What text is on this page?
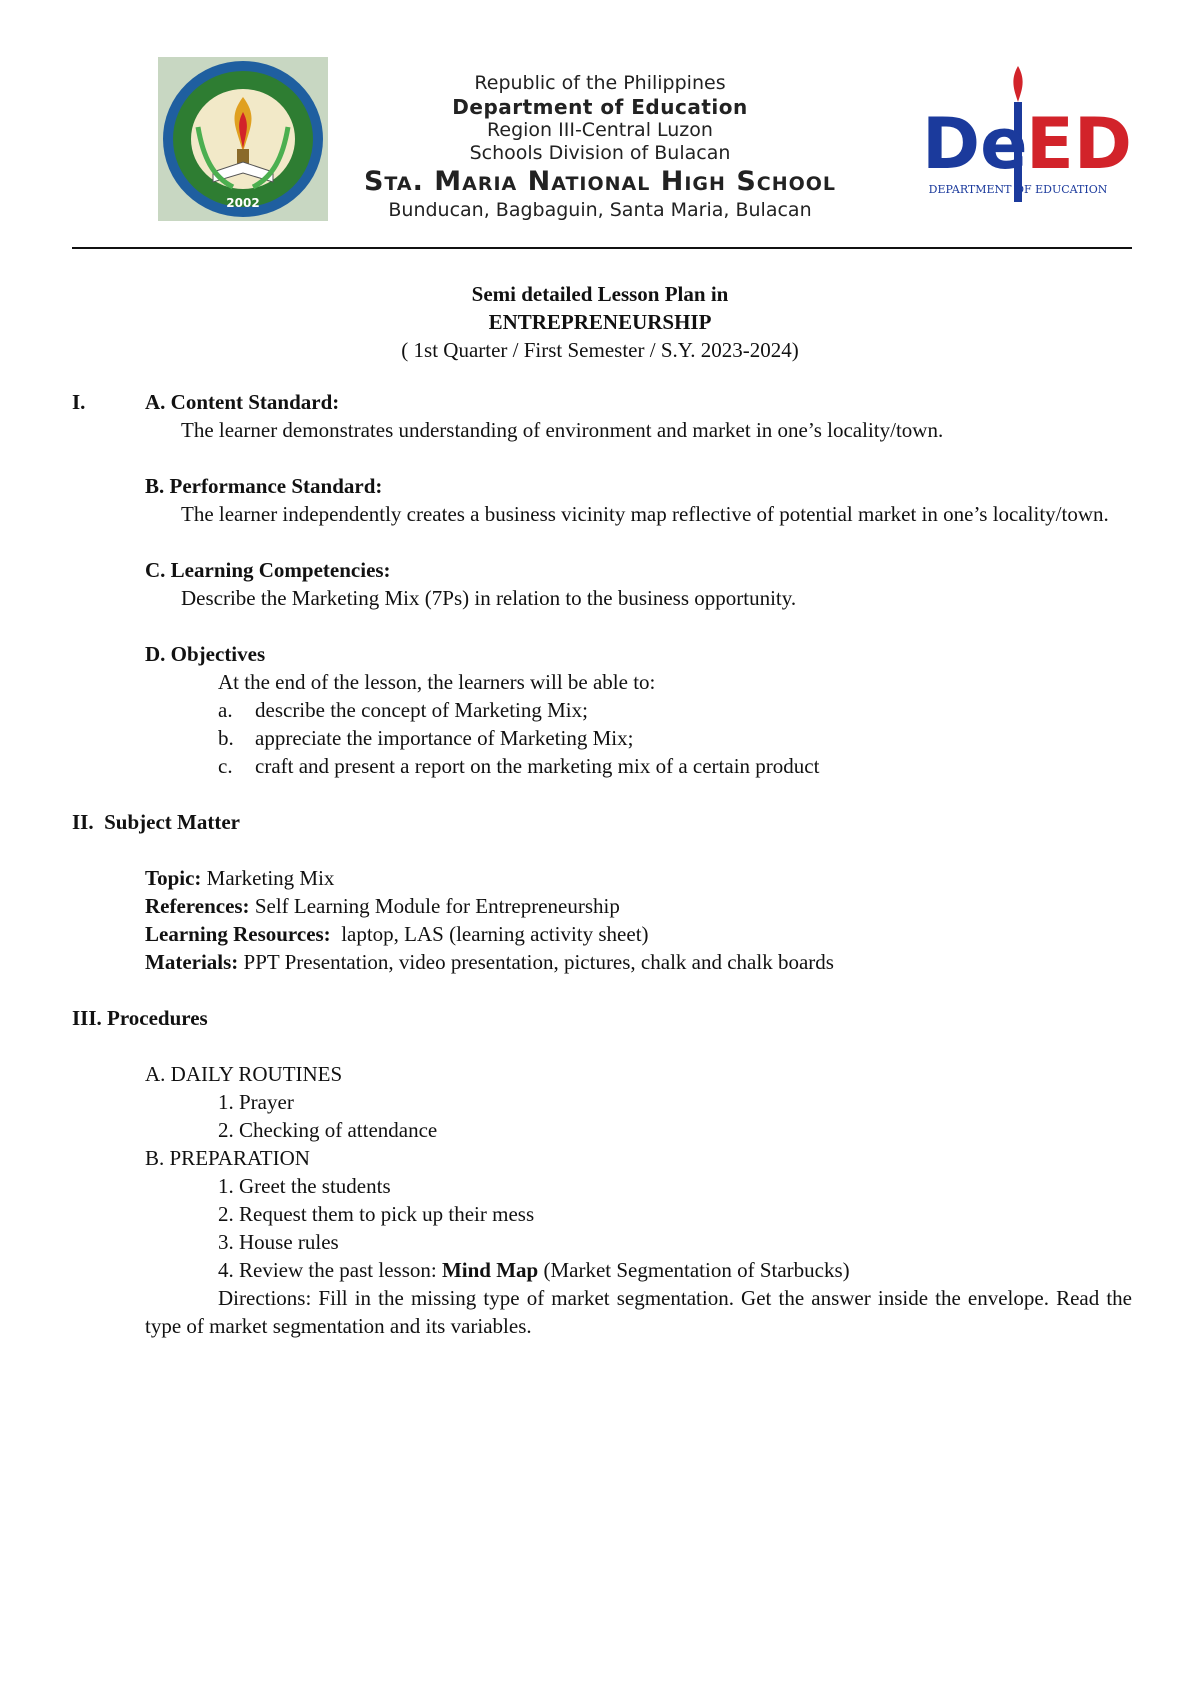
2002
Republic of the Philippines
Department of Education
Region III-Central Luzon
Schools Division of Bulacan
Sta. Maria National High School
Bunducan, Bagbaguin, Santa Maria, Bulacan
De
ED
DEPARTMENT OF EDUCATION
Semi detailed Lesson Plan in
ENTREPRENEURSHIP
( 1st Quarter / First Semester / S.Y. 2023-2024)
I.	A. Content Standard:
The learner demonstrates understanding of environment and market in one’s locality/town.
B. Performance Standard:
The learner independently creates a business vicinity map reflective of potential market in one’s locality/town.
C. Learning Competencies:
Describe the Marketing Mix (7Ps) in relation to the business opportunity.
D. Objectives
At the end of the lesson, the learners will be able to:
a.	describe the concept of Marketing Mix;
b.	appreciate the importance of Marketing Mix;
c.	craft and present a report on the marketing mix of a certain product
II.  Subject Matter
Topic: Marketing Mix
References: Self Learning Module for Entrepreneurship
Learning Resources:  laptop, LAS (learning activity sheet)
Materials: PPT Presentation, video presentation, pictures, chalk and chalk boards
III. Procedures
A. DAILY ROUTINES
1. Prayer
2. Checking of attendance
B. PREPARATION
1. Greet the students
2. Request them to pick up their mess
3. House rules
4. Review the past lesson: Mind Map (Market Segmentation of Starbucks)
Directions: Fill in the missing type of market segmentation. Get the answer inside the envelope. Read the type of market segmentation and its variables.
